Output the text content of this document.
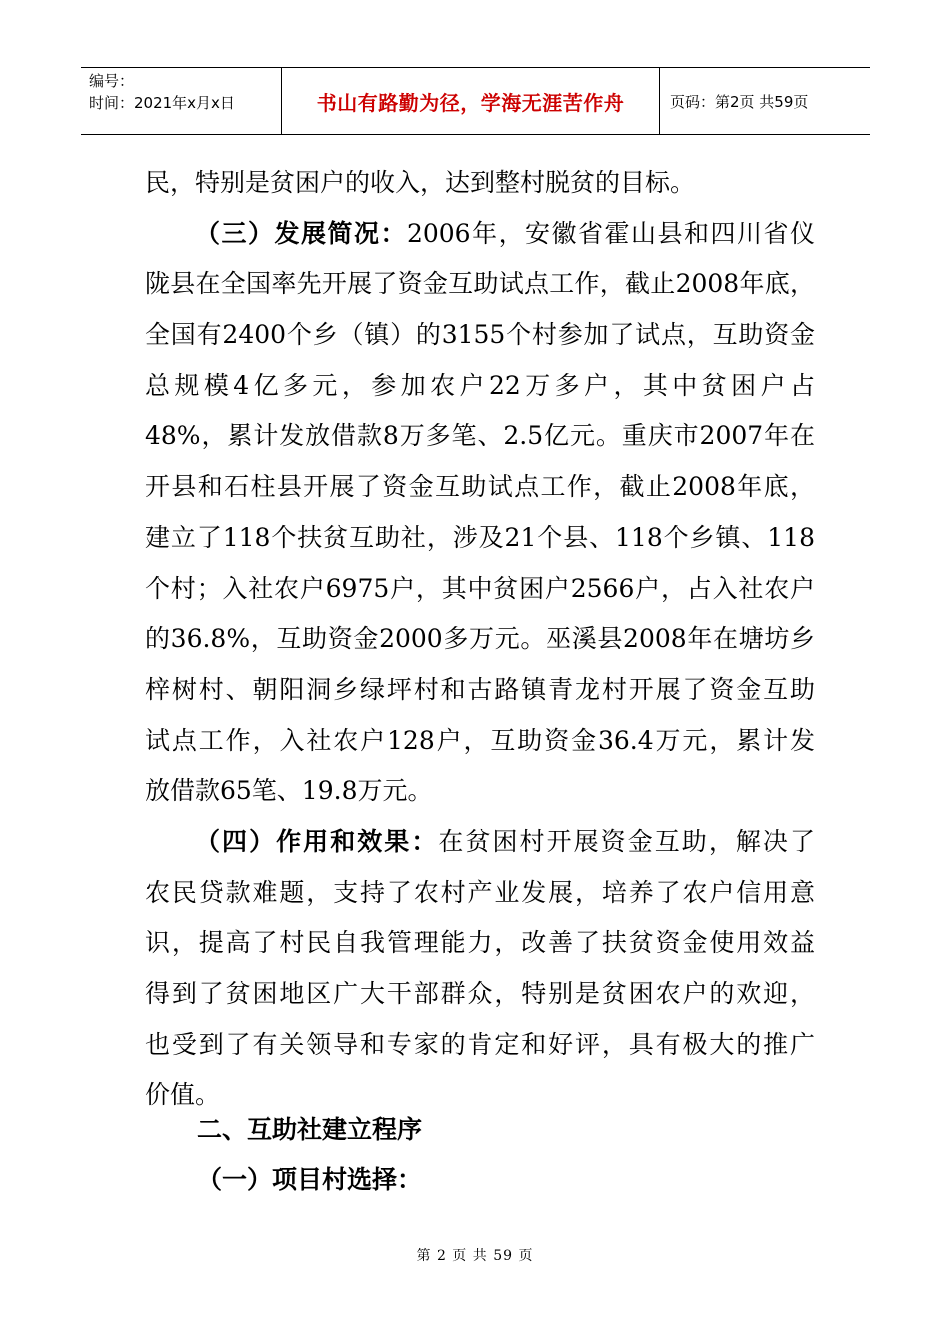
编号：
时间：2021年x月x日	书山有路勤为径，学海无涯苦作舟	页码：第2页 共59页
民，特别是贫困户的收入，达到整村脱贫的目标。
（三）发展简况：2006年，安徽省霍山县和四川省仪
陇县在全国率先开展了资金互助试点工作，截止2008年底，
全国有2400个乡（镇）的3155个村参加了试点，互助资金
总规模4亿多元，参加农户22万多户，其中贫困户占
48%，累计发放借款8万多笔、2.5亿元。重庆市2007年在
开县和石柱县开展了资金互助试点工作，截止2008年底，
建立了118个扶贫互助社，涉及21个县、118个乡镇、118
个村；入社农户6975户，其中贫困户2566户，占入社农户
的36.8%，互助资金2000多万元。巫溪县2008年在塘坊乡
梓树村、朝阳洞乡绿坪村和古路镇青龙村开展了资金互助
试点工作，入社农户128户，互助资金36.4万元，累计发
放借款65笔、19.8万元。
（四）作用和效果：在贫困村开展资金互助，解决了
农民贷款难题，支持了农村产业发展，培养了农户信用意
识，提高了村民自我管理能力，改善了扶贫资金使用效益
得到了贫困地区广大干部群众，特别是贫困农户的欢迎，
也受到了有关领导和专家的肯定和好评，具有极大的推广
价值。
二、互助社建立程序
（一）项目村选择：
第 2 页 共 59 页
